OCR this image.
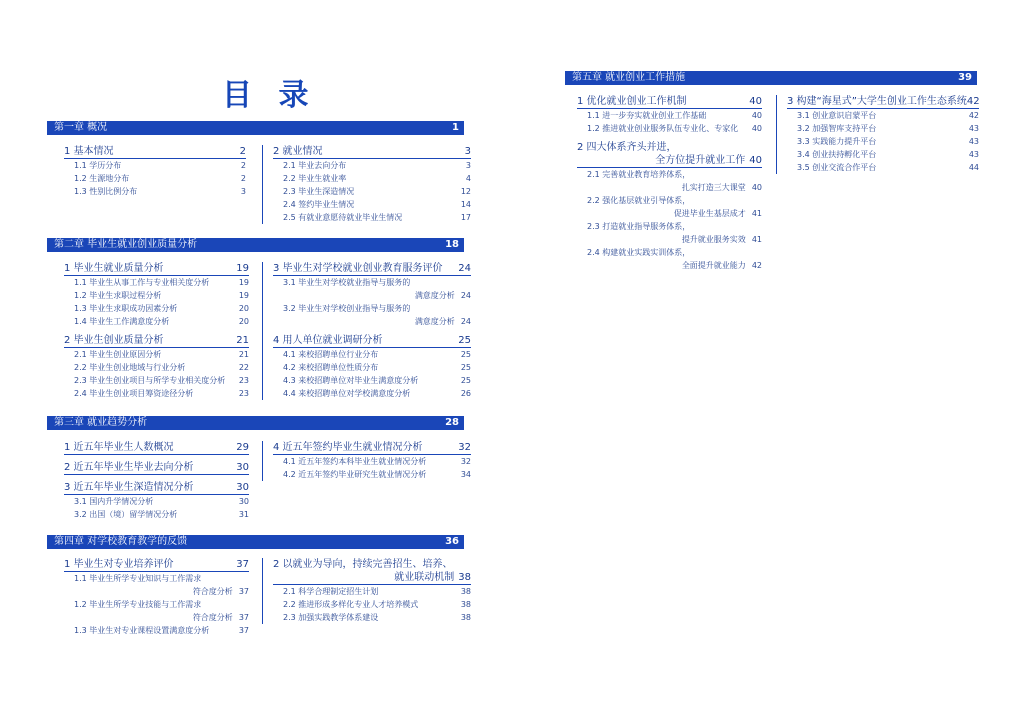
目 录
第一章 概况	1
1 基本情况	2
1.1 学历分布	2
1.2 生源地分布	2
1.3 性别比例分布	3
2 就业情况	3
2.1 毕业去向分布	3
2.2 毕业生就业率	4
2.3 毕业生深造情况	12
2.4 签约毕业生情况	14
2.5 有就业意愿待就业毕业生情况	17
第二章 毕业生就业创业质量分析	18
1 毕业生就业质量分析	19
1.1 毕业生从事工作与专业相关度分析	19
1.2 毕业生求职过程分析	19
1.3 毕业生求职成功因素分析	20
1.4 毕业生工作满意度分析	20
2 毕业生创业质量分析	21
2.1 毕业生创业原因分析	21
2.2 毕业生创业地域与行业分析	22
2.3 毕业生创业项目与所学专业相关度分析 23
2.4 毕业生创业项目筹资途径分析	23
3 毕业生对学校就业创业教育服务评价 24
3.1 毕业生对学校就业指导与服务的
满意度分析 24
3.2 毕业生对学校创业指导与服务的
满意度分析 24
4 用人单位就业调研分析	25
4.1 来校招聘单位行业分布	25
4.2 来校招聘单位性质分布	25
4.3 来校招聘单位对毕业生满意度分析	25
4.4 来校招聘单位对学校满意度分析	26
第三章 就业趋势分析	28
1 近五年毕业生人数概况	29
2 近五年毕业生毕业去向分析	30
3 近五年毕业生深造情况分析	30
3.1 国内升学情况分析	30
3.2 出国（境）留学情况分析	31
4 近五年签约毕业生就业情况分析	32
4.1 近五年签约本科毕业生就业情况分析	32
4.2 近五年签约毕业研究生就业情况分析	34
第四章 对学校教育教学的反馈	36
1 毕业生对专业培养评价	37
1.1 毕业生所学专业知识与工作需求
符合度分析 37
1.2 毕业生所学专业技能与工作需求
符合度分析 37
1.3 毕业生对专业课程设置满意度分析	37
2 以就业为导向，持续完善招生、培养、
就业联动机制 38
2.1 科学合理制定招生计划	38
2.2 推进形成多样化专业人才培养模式	38
2.3 加强实践教学体系建设	38
第五章 就业创业工作措施	39
1 优化就业创业工作机制	40
1.1 进一步夯实就业创业工作基础	40
1.2 推进就业创业服务队伍专业化、专家化 40
2 四大体系齐头并进，
全方位提升就业工作 40
2.1 完善就业教育培养体系，
扎实打造三大课堂 40
2.2 强化基层就业引导体系，
促进毕业生基层成才 41
2.3 打造就业指导服务体系，
提升就业服务实效 41
2.4 构建就业实践实训体系，
全面提升就业能力 42
3 构建“海星式”大学生创业工作生态系统 42
3.1 创业意识启蒙平台	42
3.2 加强智库支持平台	43
3.3 实践能力提升平台	43
3.4 创业扶持孵化平台	43
3.5 创业交流合作平台	44
